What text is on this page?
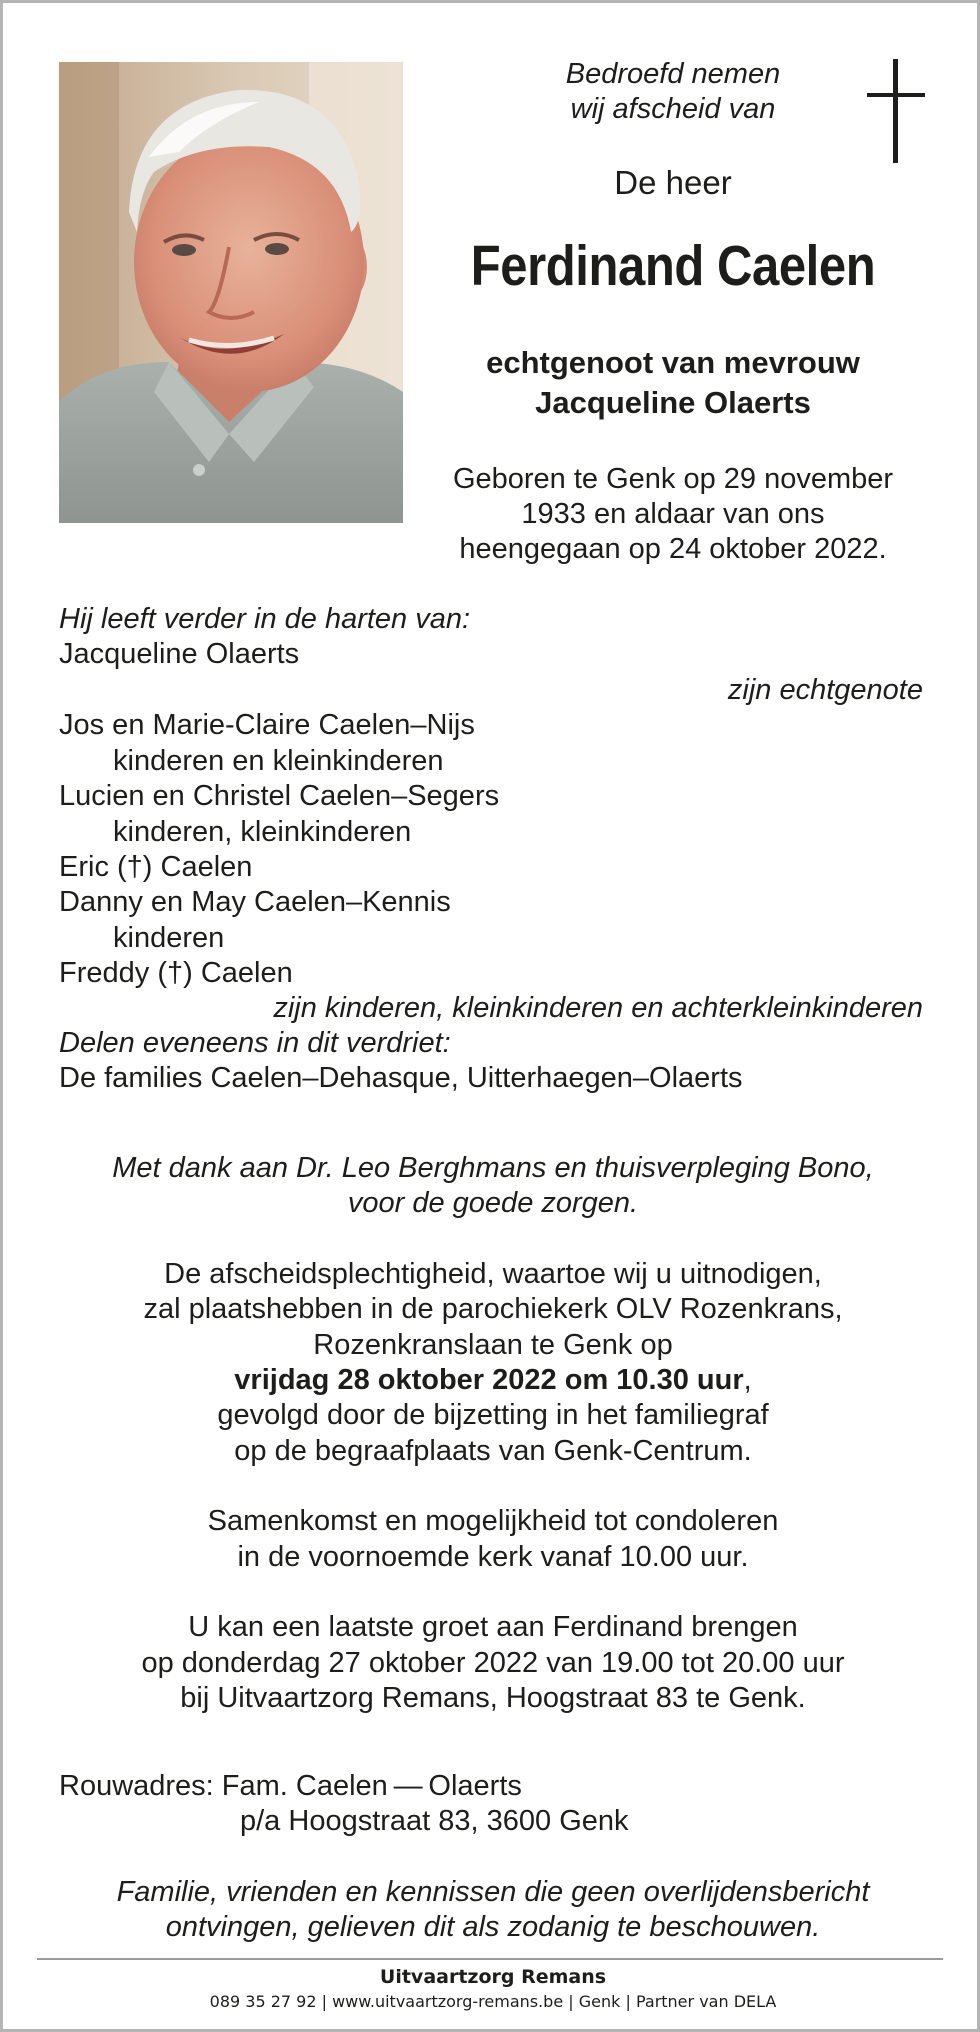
Bedroefd nemen

wij afscheid van

De heer

Ferdinand Caelen

echtgenoot van mevrouw

Jacqueline Olaerts

Geboren te Genk op 29 november

1933 en aldaar van ons

heengegaan op 24 oktober 2022.

Hij leeft verder in de harten van:

Jacqueline Olaerts

zijn echtgenote

Jos en Marie-Claire Caelen–Nijs

kinderen en kleinkinderen

Lucien en Christel Caelen–Segers

kinderen, kleinkinderen

Eric (†) Caelen

Danny en May Caelen–Kennis

kinderen

Freddy (†) Caelen

zijn kinderen, kleinkinderen en achterkleinkinderen

Delen eveneens in dit verdriet:

De families Caelen–Dehasque, Uitterhaegen–Olaerts

Met dank aan Dr. Leo Berghmans en thuisverpleging Bono,

voor de goede zorgen.

De afscheidsplechtigheid, waartoe wij u uitnodigen,

zal plaatshebben in de parochiekerk OLV Rozenkrans,

Rozenkranslaan te Genk op

vrijdag 28 oktober 2022 om 10.30 uur,

gevolgd door de bijzetting in het familiegraf

op de begraafplaats van Genk-Centrum.

Samenkomst en mogelijkheid tot condoleren

in de voornoemde kerk vanaf 10.00 uur.

U kan een laatste groet aan Ferdinand brengen

op donderdag 27 oktober 2022 van 19.00 tot 20.00 uur

bij Uitvaartzorg Remans, Hoogstraat 83 te Genk.

Rouwadres: Fam. Caelen — Olaerts

p/a Hoogstraat 83, 3600 Genk

Familie, vrienden en kennissen die geen overlijdensbericht

ontvingen, gelieven dit als zodanig te beschouwen.

Uitvaartzorg Remans

089 35 27 92 | www.uitvaartzorg-remans.be | Genk | Partner van DELA
